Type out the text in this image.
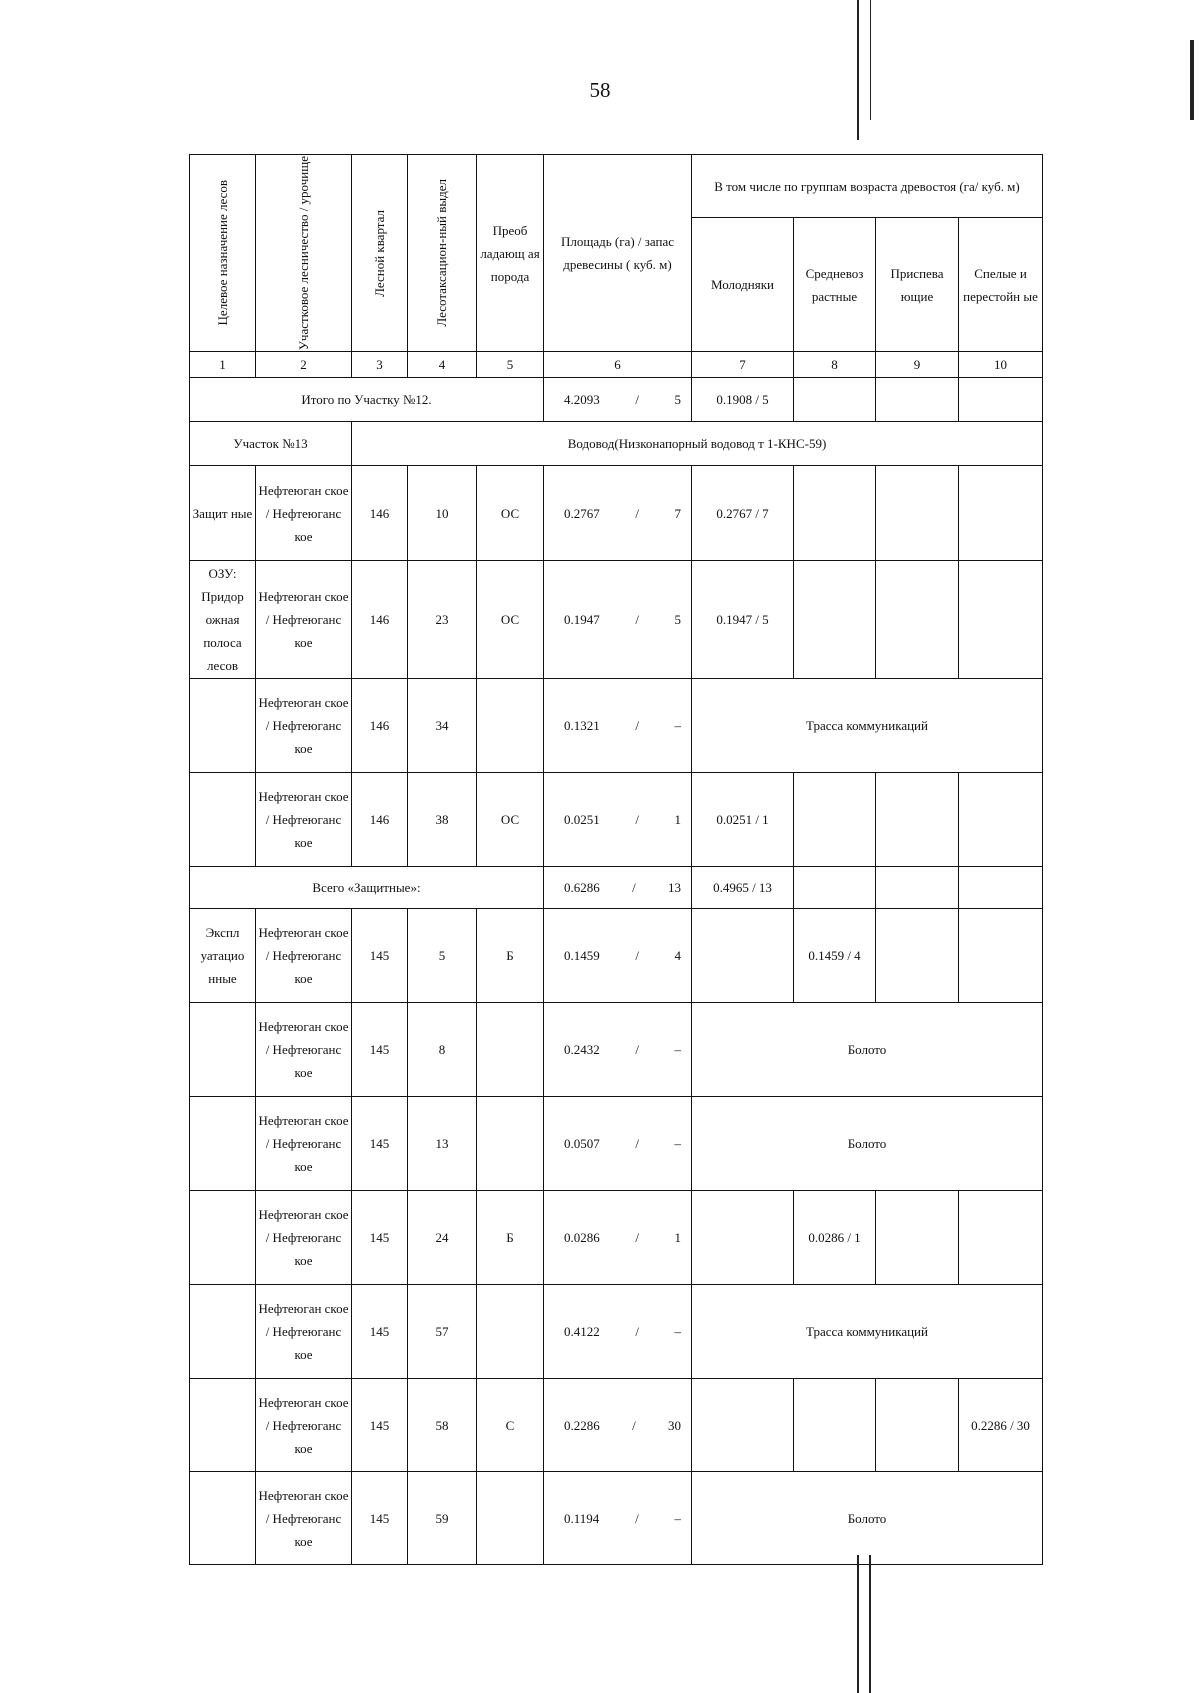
58
Целевое назначение лесов	Участковое лесничество / урочище	Лесной квартал	Лесотаксацион-ный выдел	Преоб ладающ ая порода	Площадь (га) / запас древесины ( куб. м)	В том числе по группам возраста древостоя (га/ куб. м)			
						Молодняки	Средневоз растные	Приспева ющие	Спелые и перестойн ые
1	2	3	4	5	6	7	8	9	10
Итого по Участку №12.					4.2093 / 5	0.1908 / 5			
Участок №13		Водовод(Низконапорный водовод т 1-КНС-59)							
Защит ные	Нефтеюган ское / Нефтеюганс кое	146	10	ОС	0.2767 / 7	0.2767 / 7			
ОЗУ: Придор ожная полоса лесов	Нефтеюган ское / Нефтеюганс кое	146	23	ОС	0.1947 / 5	0.1947 / 5			
	Нефтеюган ское / Нефтеюганс кое	146	34		0.1321 / –	Трасса коммуникаций			
	Нефтеюган ское / Нефтеюганс кое	146	38	ОС	0.0251 / 1	0.0251 / 1			
Всего «Защитные»:					0.6286 / 13	0.4965 / 13			
Экспл уатацио нные	Нефтеюган ское / Нефтеюганс кое	145	5	Б	0.1459 / 4		0.1459 / 4		
	Нефтеюган ское / Нефтеюганс кое	145	8		0.2432 / –	Болото			
	Нефтеюган ское / Нефтеюганс кое	145	13		0.0507 / –	Болото			
	Нефтеюган ское / Нефтеюганс кое	145	24	Б	0.0286 / 1		0.0286 / 1		
	Нефтеюган ское / Нефтеюганс кое	145	57		0.4122 / –	Трасса коммуникаций			
	Нефтеюган ское / Нефтеюганс кое	145	58	С	0.2286 / 30				0.2286 / 30
	Нефтеюган ское / Нефтеюганс кое	145	59		0.1194 / –	Болото			
